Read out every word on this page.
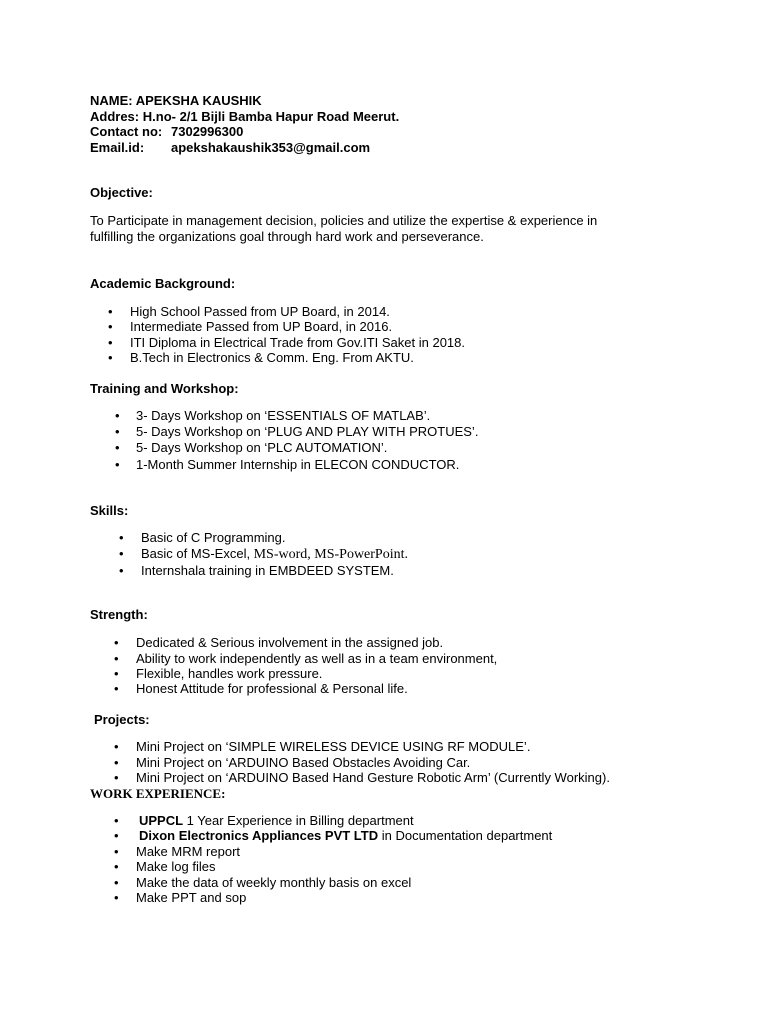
NAME: APEKSHA KAUSHIK
Addres: H.no- 2/1 Bijli Bamba Hapur Road Meerut.
Contact no: 7302996300
Email.id: apekshakaushik353@gmail.com
Objective:
To Participate in management decision, policies and utilize the expertise & experience in
fulfilling the organizations goal through hard work and perseverance.
Academic Background:
• High School Passed from UP Board, in 2014.
• Intermediate Passed from UP Board, in 2016.
• ITI Diploma in Electrical Trade from Gov.ITI Saket in 2018.
• B.Tech in Electronics & Comm. Eng. From AKTU.
Training and Workshop:
• 3- Days Workshop on ‘ESSENTIALS OF MATLAB’.
• 5- Days Workshop on ‘PLUG AND PLAY WITH PROTUES’.
• 5- Days Workshop on ‘PLC AUTOMATION’.
• 1-Month Summer Internship in ELECON CONDUCTOR.
Skills:
• Basic of C Programming.
• Basic of MS-Excel, MS-word, MS-PowerPoint.
• Internshala training in EMBDEED SYSTEM.
Strength:
• Dedicated & Serious involvement in the assigned job.
• Ability to work independently as well as in a team environment,
• Flexible, handles work pressure.
• Honest Attitude for professional & Personal life.
Projects:
• Mini Project on ‘SIMPLE WIRELESS DEVICE USING RF MODULE’.
• Mini Project on ‘ARDUINO Based Obstacles Avoiding Car.
• Mini Project on ‘ARDUINO Based Hand Gesture Robotic Arm’ (Currently Working).
WORK EXPERIENCE:
• UPPCL 1 Year Experience in Billing department
• Dixon Electronics Appliances PVT LTD in Documentation department
• Make MRM report
• Make log files
• Make the data of weekly monthly basis on excel
• Make PPT and sop
